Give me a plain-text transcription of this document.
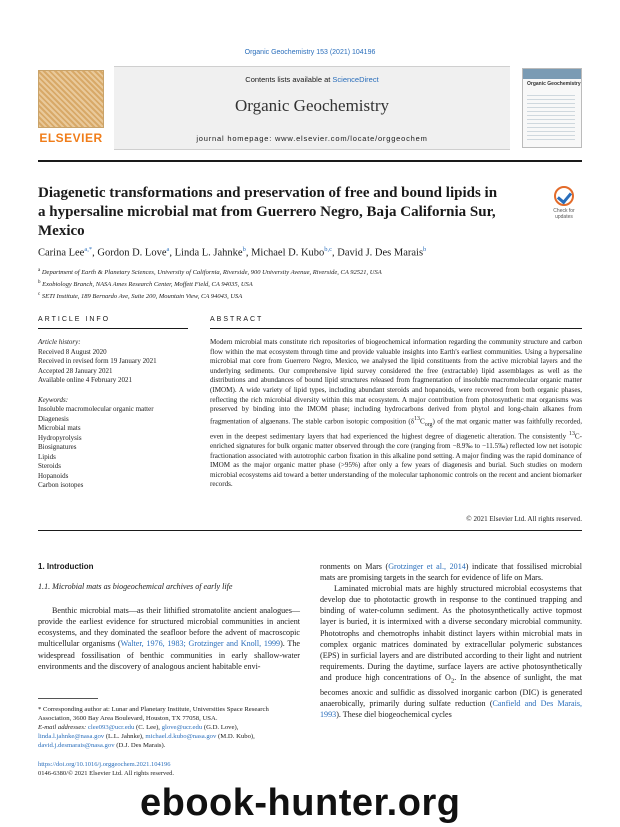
Organic Geochemistry 153 (2021) 104196
ELSEVIER
Contents lists available at ScienceDirect
Organic Geochemistry
journal homepage: www.elsevier.com/locate/orggeochem
Organic Geochemistry
Diagenetic transformations and preservation of free and bound lipids in a hypersaline microbial mat from Guerrero Negro, Baja California Sur, Mexico
Check for updates
Carina Lee$^{a,*}$, Gordon D. Love$^a$, Linda L. Jahnke$^b$, Michael D. Kubo$^{b,c}$, David J. Des Marais$^b$
$^a$ Department of Earth & Planetary Sciences, University of California, Riverside, 900 University Avenue, Riverside, CA 92521, USA
$^b$ Exobiology Branch, NASA Ames Research Center, Moffett Field, CA 94035, USA
$^c$ SETI Institute, 189 Bernardo Ave, Suite 200, Mountain View, CA 94043, USA
ARTICLE INFO	ABSTRACT
Article history:
Received 8 August 2020
Received in revised form 19 January 2021
Accepted 28 January 2021
Available online 4 February 2021
Keywords:
Insoluble macromolecular organic matter
Diagenesis
Microbial mats
Hydropyrolysis
Biosignatures
Lipids
Steroids
Hopanoids
Carbon isotopes
Modern microbial mats constitute rich repositories of biogeochemical information regarding the community structure and carbon flow within the mat ecosystem through time and provide valuable insights into Earth's earliest communities. Using a hypersaline microbial mat core from Guerrero Negro, Mexico, we analysed the lipid constituents from the active microbial layers and the underlying sediments. Our comprehensive lipid survey considered the free (extractable) lipid assemblages as well as the distributions and abundances of bound lipid structures released from fragmentation of insoluble macromolecular organic matter (IMOM). A wide variety of lipid types, including abundant steroids and hopanoids, were recovered from both organic phases, reflecting the rich microbial diversity within this mat ecosystem. A major contribution from photosynthetic mat organisms was preserved by binding into the IMOM phase; including hydrocarbons derived from phytol and long-chain alkanes from fragmentation of algaenans. The stable carbon isotopic composition $(\delta^{13}C_{org})$ of the mat organic matter was faithfully recorded, even in the deepest sedimentary layers that had experienced the highest degree of diagenetic alteration. The consistently $^{13}$C-enriched signatures for bulk organic matter observed through the core (ranging from −8.9‰ to −11.5‰) reflected low net isotopic fractionation associated with autotrophic carbon fixation in this alkaline pond setting. A major finding was the rapid dominance of IMOM as the major organic matter phase (>95%) after only a few years of diagenesis and burial. Such studies on modern microbial ecosystems aid toward a better understanding of the molecular taphonomic controls on the recent and ancient biomarker records.
© 2021 Elsevier Ltd. All rights reserved.
1. Introduction
1.1. Microbial mats as biogeochemical archives of early life

Benthic microbial mats—as their lithified stromatolite ancient analogues—provide the earliest evidence for structured microbial communities in ancient ecosystems, and they dominated the seafloor before the advent of macroscopic multicellular organisms (Walter, 1976, 1983; Grotzinger and Knoll, 1999). The widespread fossilisation of benthic communities in early shallow-water environments and the discovery of analogous ancient habitable envi-

ronments on Mars (Grotzinger et al., 2014) indicate that fossilised microbial mats are promising targets in the search for evidence of life on Mars.

Laminated microbial mats are highly structured microbial ecosystems that develop due to phototactic growth in response to the continued trapping and binding of water-column sediment. As the photosynthetically active topmost layer is buried, it is intermixed with a diverse secondary microbial community. Phototrophs and chemotrophs inhabit distinct layers within microbial mats in complex organic matrices dominated by extracellular polymeric substances (EPS) in surficial layers and are distributed according to their light and nutrient requirements. During the daytime, surface layers are active photosynthetically and produce high concentrations of $O_2$. In the absence of sunlight, the mat becomes anoxic and sulfidic as dissolved inorganic carbon (DIC) is generated anaerobically, primarily during sulfate reduction (Canfield and Des Marais, 1993). These diel biogeochemical cycles

* Corresponding author at: Lunar and Planetary Institute, Universities Space Research Association, 3600 Bay Area Boulevard, Houston, TX 77058, USA.
E-mail addresses: clee093@ucr.edu (C. Lee), glove@ucr.edu (G.D. Love), linda.l.jahnke@nasa.gov (L.L. Jahnke), michael.d.kubo@nasa.gov (M.D. Kubo), david.j.desmarais@nasa.gov (D.J. Des Marais).
https://doi.org/10.1016/j.orggeochem.2021.104196
0146-6380/© 2021 Elsevier Ltd. All rights reserved.
ebook-hunter.org
